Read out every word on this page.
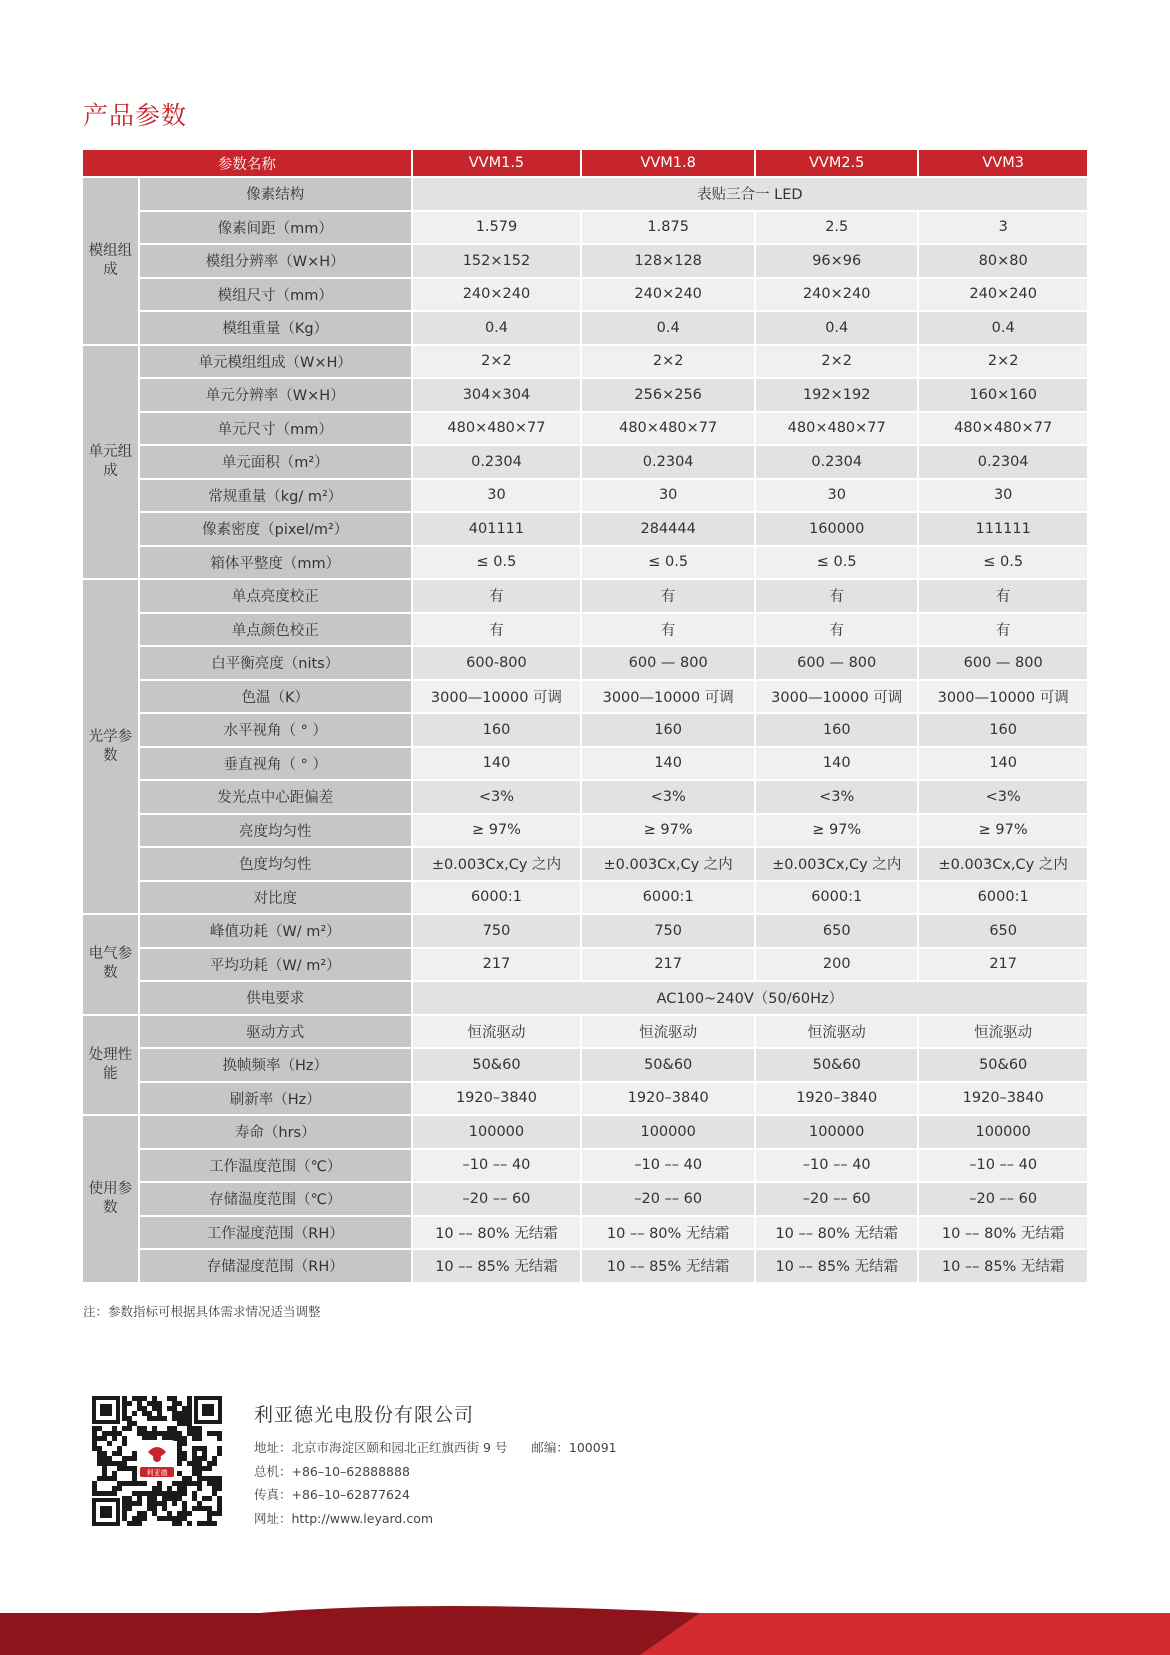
产品参数
参数名称		VVM1.5	VVM1.8	VVM2.5	VVM3
模组组成	像素结构	表贴三合一 LED			
	像素间距（mm）	1.579	1.875	2.5	3
	模组分辨率（W×H）	152×152	128×128	96×96	80×80
	模组尺寸（mm）	240×240	240×240	240×240	240×240
	模组重量（Kg）	0.4	0.4	0.4	0.4
单元组成	单元模组组成（W×H）	2×2	2×2	2×2	2×2
	单元分辨率（W×H）	304×304	256×256	192×192	160×160
	单元尺寸（mm）	480×480×77	480×480×77	480×480×77	480×480×77
	单元面积（m²）	0.2304	0.2304	0.2304	0.2304
	常规重量（kg/ m²）	30	30	30	30
	像素密度（pixel/m²）	401111	284444	160000	111111
	箱体平整度（mm）	≤ 0.5	≤ 0.5	≤ 0.5	≤ 0.5
光学参数	单点亮度校正	有	有	有	有
	单点颜色校正	有	有	有	有
	白平衡亮度（nits）	600-800	600 — 800	600 — 800	600 — 800
	色温（K）	3000—10000 可调	3000—10000 可调	3000—10000 可调	3000—10000 可调
	水平视角（ ° ）	160	160	160	160
	垂直视角（ ° ）	140	140	140	140
	发光点中心距偏差	<3%	<3%	<3%	<3%
	亮度均匀性	≥ 97%	≥ 97%	≥ 97%	≥ 97%
	色度均匀性	±0.003Cx,Cy 之内	±0.003Cx,Cy 之内	±0.003Cx,Cy 之内	±0.003Cx,Cy 之内
	对比度	6000:1	6000:1	6000:1	6000:1
电气参数	峰值功耗（W/ m²）	750	750	650	650
	平均功耗（W/ m²）	217	217	200	217
	供电要求	AC100~240V（50/60Hz）			
处理性能	驱动方式	恒流驱动	恒流驱动	恒流驱动	恒流驱动
	换帧频率（Hz）	50&60	50&60	50&60	50&60
	刷新率（Hz）	1920–3840	1920–3840	1920–3840	1920–3840
使用参数	寿命（hrs）	100000	100000	100000	100000
	工作温度范围（℃）	–10 –– 40	–10 –– 40	–10 –– 40	–10 –– 40
	存储温度范围（℃）	–20 –– 60	–20 –– 60	–20 –– 60	–20 –– 60
	工作湿度范围（RH）	10 –– 80% 无结霜	10 –– 80% 无结霜	10 –– 80% 无结霜	10 –– 80% 无结霜
	存储湿度范围（RH）	10 –– 85% 无结霜	10 –– 85% 无结霜	10 –– 85% 无结霜	10 –– 85% 无结霜
注：参数指标可根据具体需求情况适当调整
利亚德
利亚德光电股份有限公司
地址：北京市海淀区颐和园北正红旗西街 9 号 邮编：100091
总机：+86–10–62888888
传真：+86–10–62877624
网址：http://www.leyard.com
